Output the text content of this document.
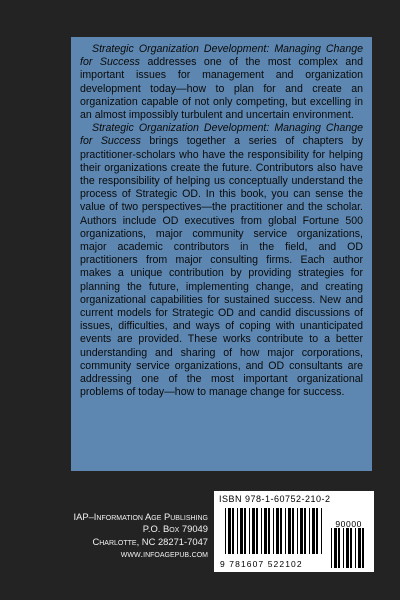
Strategic Organization Development: Managing Change for Success addresses one of the most complex and important issues for management and organization development today—how to plan for and create an organization capable of not only competing, but excelling in an almost impossibly turbulent and uncertain environment.

Strategic Organization Development: Managing Change for Success brings together a series of chapters by practitioner-scholars who have the responsibility for helping their organizations create the future. Contributors also have the responsibility of helping us conceptually understand the process of Strategic OD. In this book, you can sense the value of two perspectives—the practitioner and the scholar. Authors include OD executives from global Fortune 500 organizations, major community service organizations, major academic contributors in the field, and OD practitioners from major consulting firms. Each author makes a unique contribution by providing strategies for planning the future, implementing change, and creating organizational capabilities for sustained success. New and current models for Strategic OD and candid discussions of issues, difficulties, and ways of coping with unanticipated events are provided. These works contribute to a better understanding and sharing of how major corporations, community service organizations, and OD consultants are addressing one of the most important organizational problems of today—how to manage change for success.

IAP–Information Age Publishing
P.O. Box 79049
Charlotte, NC 28271-7047
www.infoagepub.com
ISBN 978-1-60752-210-2
90000
9 781607 522102
